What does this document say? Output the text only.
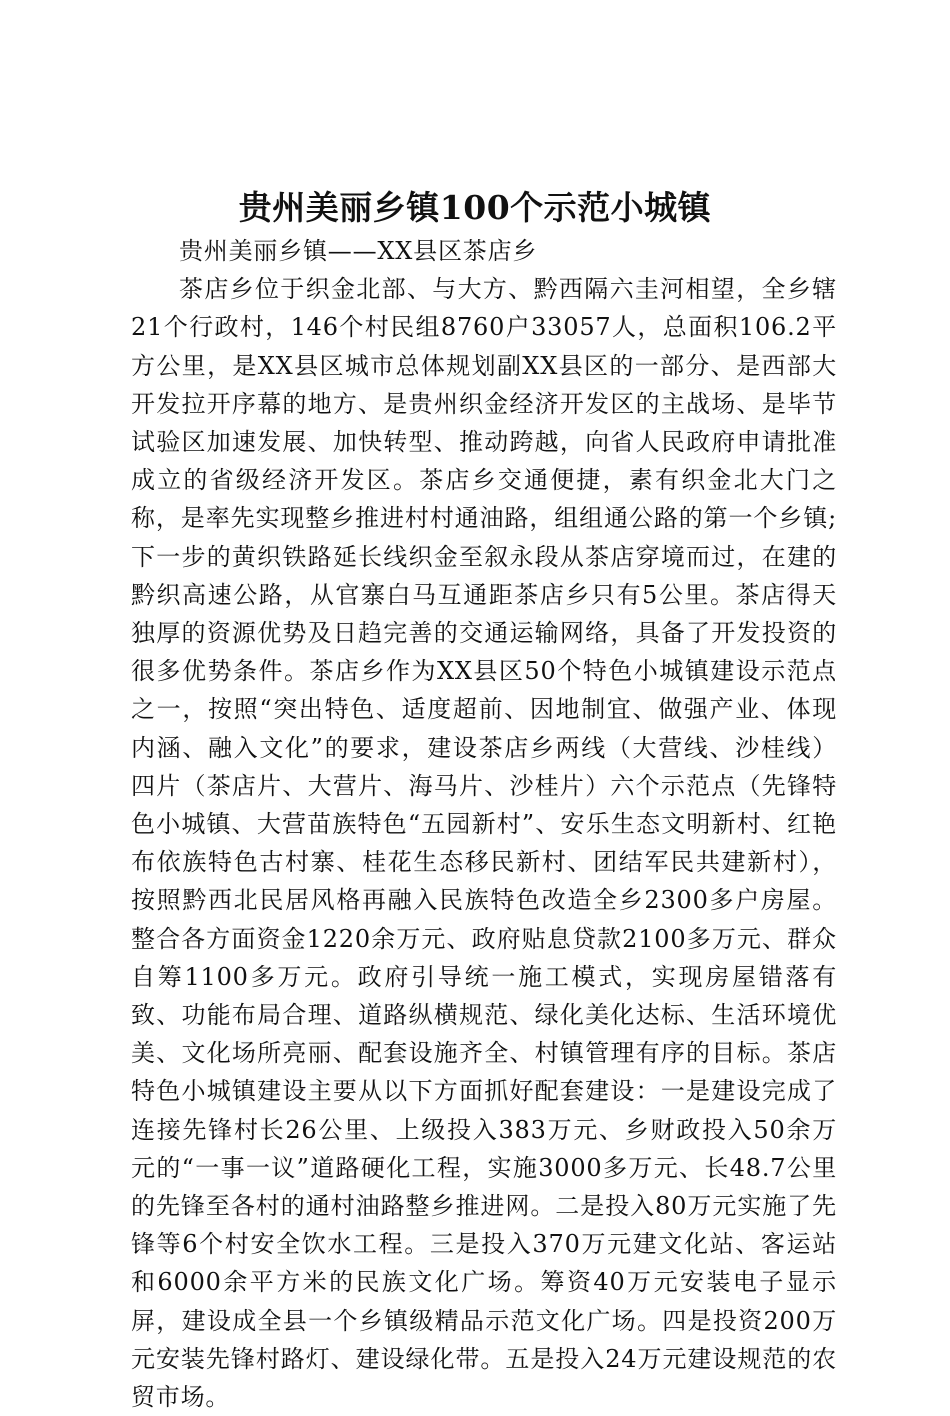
贵州美丽乡镇100个示范小城镇

贵州美丽乡镇——XX县区茶店乡

茶店乡位于织金北部、与大方、黔西隔六圭河相望，全乡辖21个行政村，146个村民组8760户33057人，总面积106.2平方公里，是XX县区城市总体规划副XX县区的一部分、是西部大开发拉开序幕的地方、是贵州织金经济开发区的主战场、是毕节试验区加速发展、加快转型、推动跨越，向省人民政府申请批准成立的省级经济开发区。茶店乡交通便捷，素有织金北大门之称，是率先实现整乡推进村村通油路，组组通公路的第一个乡镇;下一步的黄织铁路延长线织金至叙永段从茶店穿境而过，在建的黔织高速公路，从官寨白马互通距茶店乡只有5公里。茶店得天独厚的资源优势及日趋完善的交通运输网络，具备了开发投资的很多优势条件。茶店乡作为XX县区50个特色小城镇建设示范点之一，按照“突出特色、适度超前、因地制宜、做强产业、体现内涵、融入文化”的要求，建设茶店乡两线（大营线、沙桂线）四片（茶店片、大营片、海马片、沙桂片）六个示范点（先锋特色小城镇、大营苗族特色“五园新村”、安乐生态文明新村、红艳布依族特色古村寨、桂花生态移民新村、团结军民共建新村），按照黔西北民居风格再融入民族特色改造全乡2300多户房屋。整合各方面资金1220余万元、政府贴息贷款2100多万元、群众自筹1100多万元。政府引导统一施工模式，实现房屋错落有致、功能布局合理、道路纵横规范、绿化美化达标、生活环境优美、文化场所亮丽、配套设施齐全、村镇管理有序的目标。茶店特色小城镇建设主要从以下方面抓好配套建设：一是建设完成了连接先锋村长26公里、上级投入383万元、乡财政投入50余万元的“一事一议”道路硬化工程，实施3000多万元、长48.7公里的先锋至各村的通村油路整乡推进网。二是投入80万元实施了先锋等6个村安全饮水工程。三是投入370万元建文化站、客运站和6000余平方米的民族文化广场。筹资40万元安装电子显示屏，建设成全县一个乡镇级精品示范文化广场。四是投资200万元安装先锋村路灯、建设绿化带。五是投入24万元建设规范的农贸市场。
